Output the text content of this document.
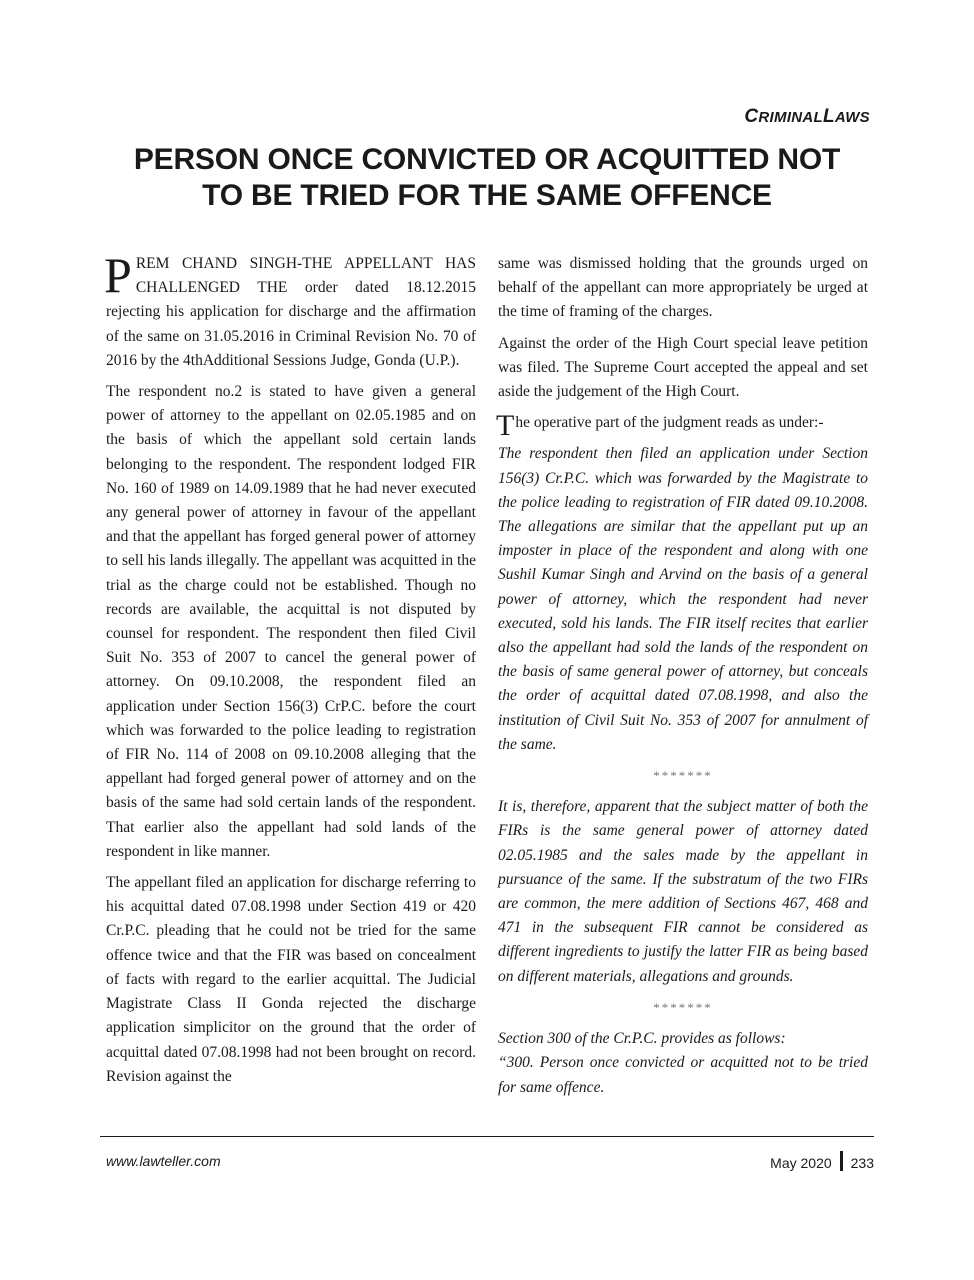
CRIMINALLAWS
PERSON ONCE CONVICTED OR ACQUITTED NOT
TO BE TRIED FOR THE SAME OFFENCE

PREM CHAND SINGH-THE APPELLANT HAS CHALLENGED THE order dated 18.12.2015 rejecting his application for discharge and the affirmation of the same on 31.05.2016 in Criminal Revision No. 70 of 2016 by the 4thAdditional Sessions Judge, Gonda (U.P.).

The respondent no.2 is stated to have given a general power of attorney to the appellant on 02.05.1985 and on the basis of which the appellant sold certain lands belonging to the respondent. The respondent lodged FIR No. 160 of 1989 on 14.09.1989 that he had never executed any general power of attorney in favour of the appellant and that the appellant has forged general power of attorney to sell his lands illegally. The appellant was acquitted in the trial as the charge could not be established. Though no records are available, the acquittal is not disputed by counsel for respondent. The respondent then filed Civil Suit No. 353 of 2007 to cancel the general power of attorney. On 09.10.2008, the respondent filed an application under Section 156(3) CrP.C. before the court which was forwarded to the police leading to registration of FIR No. 114 of 2008 on 09.10.2008 alleging that the appellant had forged general power of attorney and on the basis of the same had sold certain lands of the respondent. That earlier also the appellant had sold lands of the respondent in like manner.

The appellant filed an application for discharge referring to his acquittal dated 07.08.1998 under Section 419 or 420 Cr.P.C. pleading that he could not be tried for the same offence twice and that the FIR was based on concealment of facts with regard to the earlier acquittal. The Judicial Magistrate Class II Gonda rejected the discharge application simplicitor on the ground that the order of acquittal dated 07.08.1998 had not been brought on record. Revision against the

same was dismissed holding that the grounds urged on behalf of the appellant can more appropriately be urged at the time of framing of the charges.

Against the order of the High Court special leave petition was filed. The Supreme Court accepted the appeal and set aside the judgement of the High Court.

The operative part of the judgment reads as under:-

The respondent then filed an application under Section 156(3) Cr.P.C. which was forwarded by the Magistrate to the police leading to registration of FIR dated 09.10.2008. The allegations are similar that the appellant put up an imposter in place of the respondent and along with one Sushil Kumar Singh and Arvind on the basis of a general power of attorney, which the respondent had never executed, sold his lands. The FIR itself recites that earlier also the appellant had sold the lands of the respondent on the basis of same general power of attorney, but conceals the order of acquittal dated 07.08.1998, and also the institution of Civil Suit No. 353 of 2007 for annulment of the same.

*******

It is, therefore, apparent that the subject matter of both the FIRs is the same general power of attorney dated 02.05.1985 and the sales made by the appellant in pursuance of the same. If the substratum of the two FIRs are common, the mere addition of Sections 467, 468 and 471 in the subsequent FIR cannot be considered as different ingredients to justify the latter FIR as being based on different materials, allegations and grounds.

*******

Section 300 of the Cr.P.C. provides as follows:

“300. Person once convicted or acquitted not to be tried for same offence.

www.lawteller.com	May 2020 233
